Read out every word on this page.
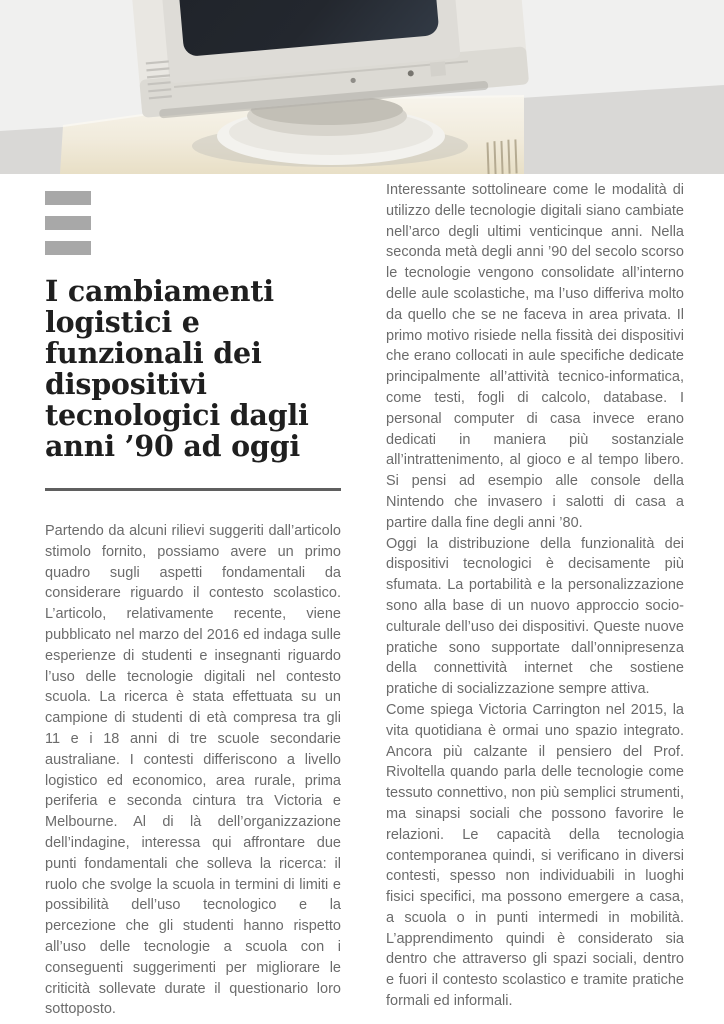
I cambiamenti
logistici e
funzionali dei
dispositivi
tecnologici dagli
anni ’90 ad oggi

Partendo da alcuni rilievi suggeriti dall’articolo stimolo fornito, possiamo avere un primo quadro sugli aspetti fondamentali da considerare riguardo il contesto scolastico. L’articolo, relativamente recente, viene pubblicato nel marzo del 2016 ed indaga sulle esperienze di studenti e insegnanti riguardo l’uso delle tecnologie digitali nel contesto scuola. La ricerca è stata effettuata su un campione di studenti di età compresa tra gli 11 e i 18 anni di tre scuole secondarie australiane. I contesti differiscono a livello logistico ed economico, area rurale, prima periferia e seconda cintura tra Victoria e Melbourne. Al di là dell’organizzazione dell’indagine, interessa qui affrontare due punti fondamentali che solleva la ricerca: il ruolo che svolge la scuola in termini di limiti e possibilità dell’uso tecnologico e la percezione che gli studenti hanno rispetto all’uso delle tecnologie a scuola con i conseguenti suggerimenti per migliorare le criticità sollevate durate il questionario loro sottoposto.

Interessante sottolineare come le modalità di utilizzo delle tecnologie digitali siano cambiate nell’arco degli ultimi venticinque anni. Nella seconda metà degli anni ’90 del secolo scorso le tecnologie vengono consolidate all’interno delle aule scolastiche, ma l’uso differiva molto da quello che se ne faceva in area privata. Il primo motivo risiede nella fissità dei dispositivi che erano collocati in aule specifiche dedicate principalmente all’attività tecnico-informatica, come testi, fogli di calcolo, database. I personal computer di casa invece erano dedicati in maniera più sostanziale all’intrattenimento, al gioco e al tempo libero. Si pensi ad esempio alle console della Nintendo che invasero i salotti di casa a partire dalla fine degli anni ’80.

Oggi la distribuzione della funzionalità dei dispositivi tecnologici è decisamente più sfumata. La portabilità e la personalizzazione sono alla base di un nuovo approccio socio-culturale dell’uso dei dispositivi. Queste nuove pratiche sono supportate dall’onnipresenza della connettività internet che sostiene pratiche di socializzazione sempre attiva.

Come spiega Victoria Carrington nel 2015, la vita quotidiana è ormai uno spazio integrato. Ancora più calzante il pensiero del Prof. Rivoltella quando parla delle tecnologie come tessuto connettivo, non più semplici strumenti, ma sinapsi sociali che possono favorire le relazioni. Le capacità della tecnologia contemporanea quindi, si verificano in diversi contesti, spesso non individuabili in luoghi fisici specifici, ma possono emergere a casa, a scuola o in punti intermedi in mobilità. L’apprendimento quindi è considerato sia dentro che attraverso gli spazi sociali, dentro e fuori il contesto scolastico e tramite pratiche formali ed informali.
